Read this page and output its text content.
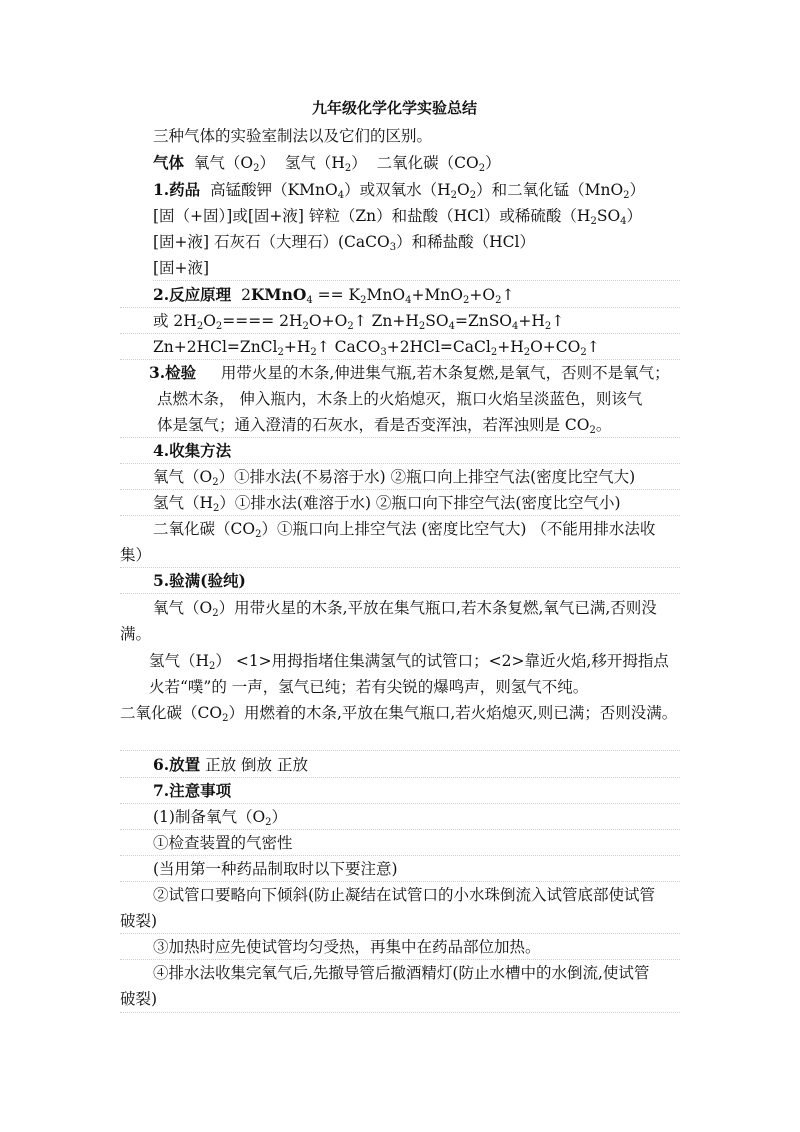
九年级化学化学实验总结
三种气体的实验室制法以及它们的区别。
气体 氧气$(O_2)$ 氢气$(H_2)$ 二氧化碳$(CO_2)$
1.药品 高锰酸钾（KMnO$_4$）或双氧水$(H_2O_2)$和二氧化锰（MnO$_2$）
[固（+固）]或[固+液] 锌粒（Zn）和盐酸（HCl）或稀硫酸$(H_2SO_4)$
[固+液] 石灰石（大理石）(CaCO$_3$）和稀盐酸（HCl）
[固+液]
2.反应原理 2KMnO$_4$ == $K_2MnO_4+MnO_2+O_2↑$
或 $2H_2O_2====$ $2H_2O+O_2↑$ $Zn+H_2SO_4=ZnSO_4+H_2↑$
$Zn+2HCl=ZnCl_2+H_2↑$ $CaCO_3+2HCl=CaCl_2+H_2O+CO_2↑$
3.检验 用带火星的木条,伸进集气瓶,若木条复燃,是氧气，否则不是氧气；
点燃木条， 伸入瓶内，木条上的火焰熄灭，瓶口火焰呈淡蓝色，则该气
体是氢气；通入澄清的石灰水，看是否变浑浊，若浑浊则是 $CO_2$。
4.收集方法
氧气$(O_2)①$排水法(不易溶于水) ②瓶口向上排空气法(密度比空气大)
氢气$(H_2)①$排水法(难溶于水) ②瓶口向下排空气法(密度比空气小)
二氧化碳$(CO_2)①$瓶口向上排空气法 (密度比空气大) （不能用排水法收
集）
5.验满(验纯)
氧气$(O_2)$用带火星的木条,平放在集气瓶口,若木条复燃,氧气已满,否则没
满。
氢气$(H_2) <1>$用拇指堵住集满氢气的试管口；<2>靠近火焰,移开拇指点
火若“噗”的 一声，氢气已纯；若有尖锐的爆鸣声，则氢气不纯。
二氧化碳$(CO_2)$用燃着的木条,平放在集气瓶口,若火焰熄灭,则已满；否则没满。
6.放置 正放 倒放 正放
7.注意事项
(1)制备氧气$(O_2)$
①检查装置的气密性
(当用第一种药品制取时以下要注意)
②试管口要略向下倾斜(防止凝结在试管口的小水珠倒流入试管底部使试管
破裂)
③加热时应先使试管均匀受热，再集中在药品部位加热。
④排水法收集完氧气后,先撤导管后撤酒精灯(防止水槽中的水倒流,使试管
破裂)
